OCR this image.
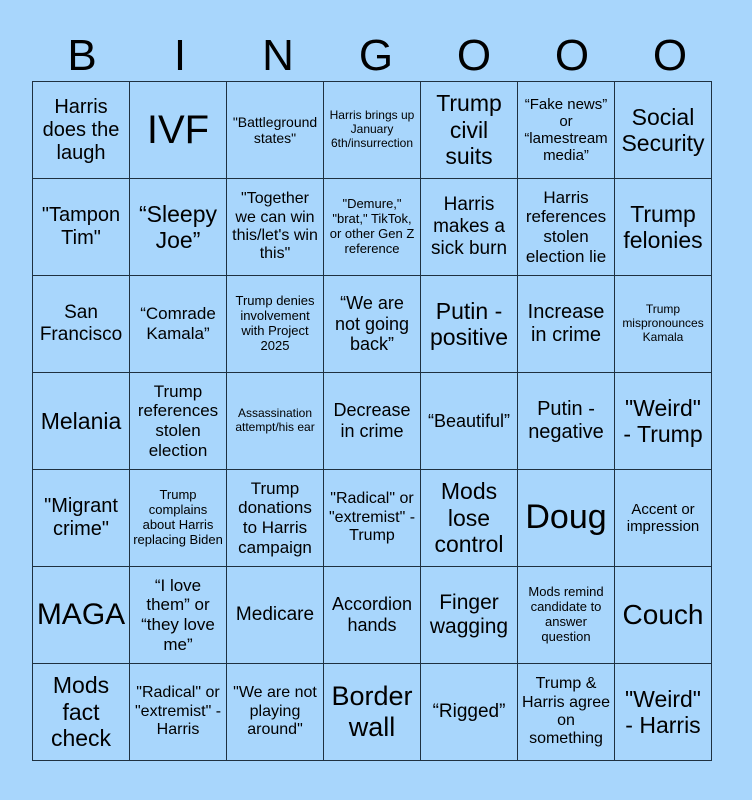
B	I	N	G	O	O	O
Harris does the laugh	IVF	"Battleground states"	Harris brings up January 6th/insurrection	Trump civil suits	“Fake news” or “lamestream media”	Social Security
"Tampon Tim"	“Sleepy Joe”	"Together we can win this/let's win this"	"Demure," "brat," TikTok, or other Gen Z reference	Harris makes a sick burn	Harris references stolen election lie	Trump felonies
San Francisco	“Comrade Kamala”	Trump denies involvement with Project 2025	“We are not going back”	Putin - positive	Increase in crime	Trump mispronounces Kamala
Melania	Trump references stolen election	Assassination attempt/his ear	Decrease in crime	“Beautiful”	Putin - negative	"Weird" - Trump
"Migrant crime"	Trump complains about Harris replacing Biden	Trump donations to Harris campaign	"Radical" or "extremist" - Trump	Mods lose control	Doug	Accent or impression
MAGA	“I love them” or “they love me”	Medicare	Accordion hands	Finger wagging	Mods remind candidate to answer question	Couch
Mods fact check	"Radical" or "extremist" - Harris	"We are not playing around"	Border wall	“Rigged”	Trump & Harris agree on something	"Weird" - Harris
